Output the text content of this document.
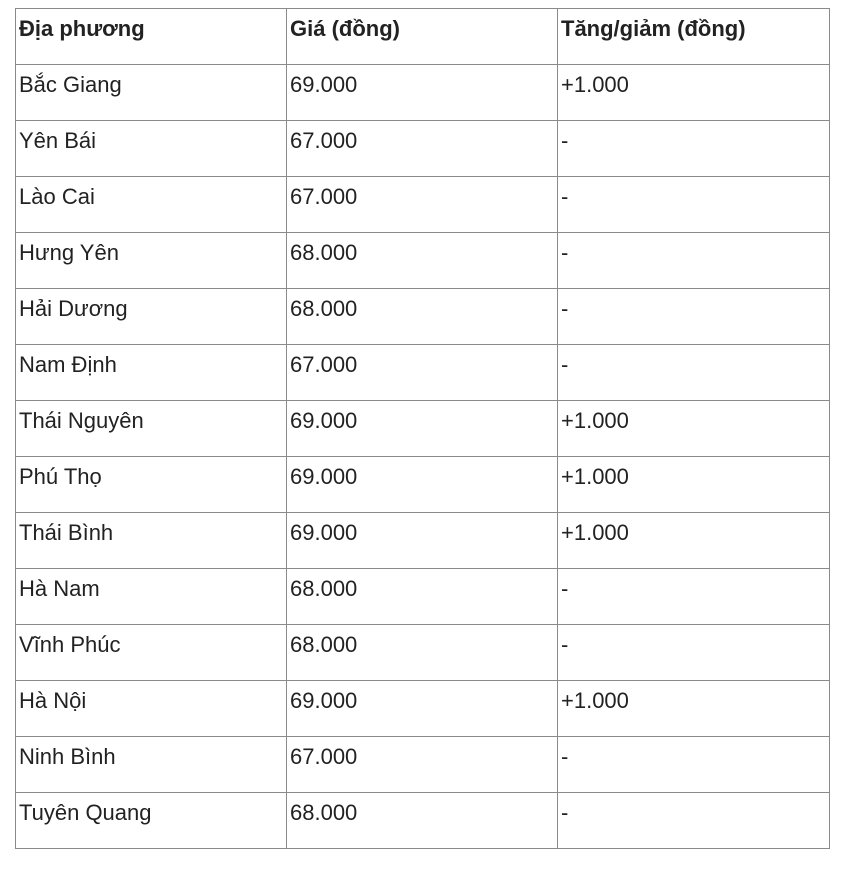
Địa phương	Giá (đồng)	Tăng/giảm (đồng)
Bắc Giang	69.000	+1.000
Yên Bái	67.000	-
Lào Cai	67.000	-
Hưng Yên	68.000	-
Hải Dương	68.000	-
Nam Định	67.000	-
Thái Nguyên	69.000	+1.000
Phú Thọ	69.000	+1.000
Thái Bình	69.000	+1.000
Hà Nam	68.000	-
Vĩnh Phúc	68.000	-
Hà Nội	69.000	+1.000
Ninh Bình	67.000	-
Tuyên Quang	68.000	-
